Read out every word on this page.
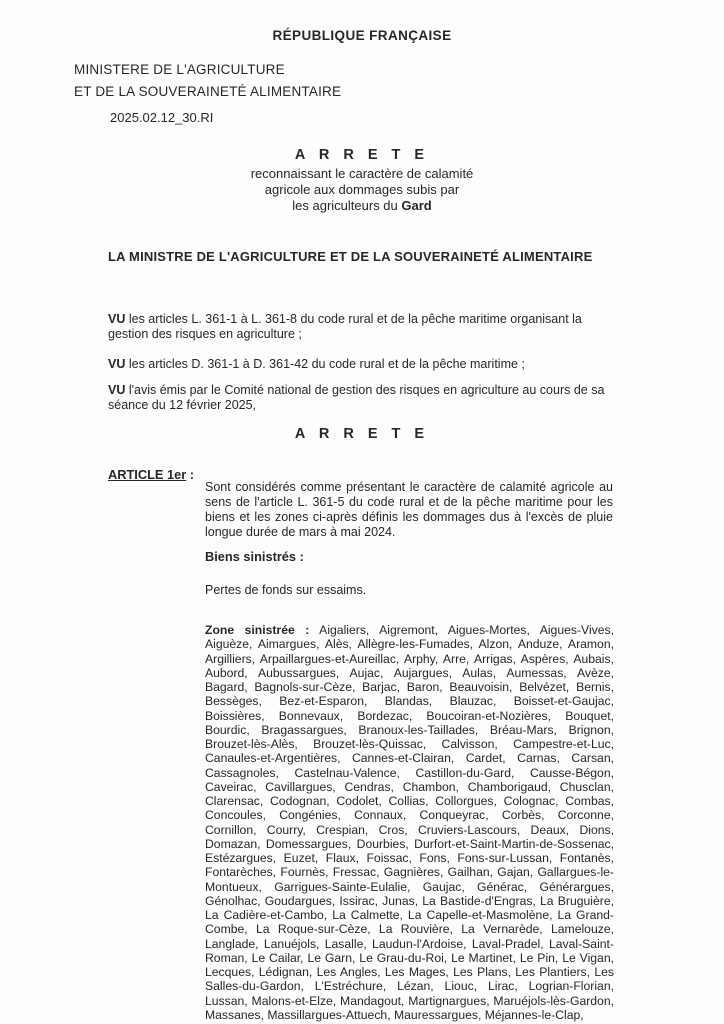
RÉPUBLIQUE FRANÇAISE
MINISTERE DE L'AGRICULTURE
ET DE LA SOUVERAINETÉ ALIMENTAIRE
2025.02.12_30.RI
A R R E T E
reconnaissant le caractère de calamité
agricole aux dommages subis par
les agriculteurs du Gard
LA MINISTRE DE L'AGRICULTURE ET DE LA SOUVERAINETÉ ALIMENTAIRE

VU les articles L. 361-1 à L. 361-8 du code rural et de la pêche maritime organisant la gestion des risques en agriculture ;

VU les articles D. 361-1 à D. 361-42 du code rural et de la pêche maritime ;

VU l'avis émis par le Comité national de gestion des risques en agriculture au cours de sa séance du 12 février 2025,

A R R E T E
ARTICLE 1er :

Sont considérés comme présentant le caractère de calamité agricole au sens de l'article L. 361-5 du code rural et de la pêche maritime pour les biens et les zones ci-après définis les dommages dus à l'excès de pluie longue durée de mars à mai 2024.

Biens sinistrés :
Pertes de fonds sur essaims.

Zone sinistrée : Aigaliers, Aigremont, Aigues-Mortes, Aigues-Vives, Aiguèze, Aimargues, Alès, Allègre-les-Fumades, Alzon, Anduze, Aramon, Argilliers, Arpaillargues-et-Aureillac, Arphy, Arre, Arrigas, Aspères, Aubais, Aubord, Aubussargues, Aujac, Aujargues, Aulas, Aumessas, Avèze, Bagard, Bagnols-sur-Cèze, Barjac, Baron, Beauvoisin, Belvézet, Bernis, Bessèges, Bez-et-Esparon, Blandas, Blauzac, Boisset-et-Gaujac, Boissières, Bonnevaux, Bordezac, Boucoiran-et-Nozières, Bouquet, Bourdic, Bragassargues, Branoux-les-Taillades, Bréau-Mars, Brignon, Brouzet-lès-Alès, Brouzet-lès-Quissac, Calvisson, Campestre-et-Luc, Canaules-et-Argentières, Cannes-et-Clairan, Cardet, Carnas, Carsan, Cassagnoles, Castelnau-Valence, Castillon-du-Gard, Causse-Bégon, Caveirac, Cavillargues, Cendras, Chambon, Chamborigaud, Chusclan, Clarensac, Codognan, Codolet, Collias, Collorgues, Colognac, Combas, Concoules, Congénies, Connaux, Conqueyrac, Corbès, Corconne, Cornillon, Courry, Crespian, Cros, Cruviers-Lascours, Deaux, Dions, Domazan, Domessargues, Dourbies, Durfort-et-Saint-Martin-de-Sossenac, Estézargues, Euzet, Flaux, Foissac, Fons, Fons-sur-Lussan, Fontanès, Fontarèches, Fournès, Fressac, Gagnières, Gailhan, Gajan, Gallargues-le-Montueux, Garrigues-Sainte-Eulalie, Gaujac, Générac, Générargues, Génolhac, Goudargues, Issirac, Junas, La Bastide-d'Engras, La Bruguière, La Cadière-et-Cambo, La Calmette, La Capelle-et-Masmolène, La Grand-Combe, La Roque-sur-Cèze, La Rouvière, La Vernarède, Lamelouze, Langlade, Lanuéjols, Lasalle, Laudun-l'Ardoise, Laval-Pradel, Laval-Saint-Roman, Le Cailar, Le Garn, Le Grau-du-Roi, Le Martinet, Le Pin, Le Vigan, Lecques, Lédignan, Les Angles, Les Mages, Les Plans, Les Plantiers, Les Salles-du-Gardon, L'Estréchure, Lézan, Liouc, Lirac, Logrian-Florian, Lussan, Malons-et-Elze, Mandagout, Martignargues, Maruéjols-lès-Gardon, Massanes, Massillargues-Attuech, Mauressargues, Méjannes-le-Clap,
